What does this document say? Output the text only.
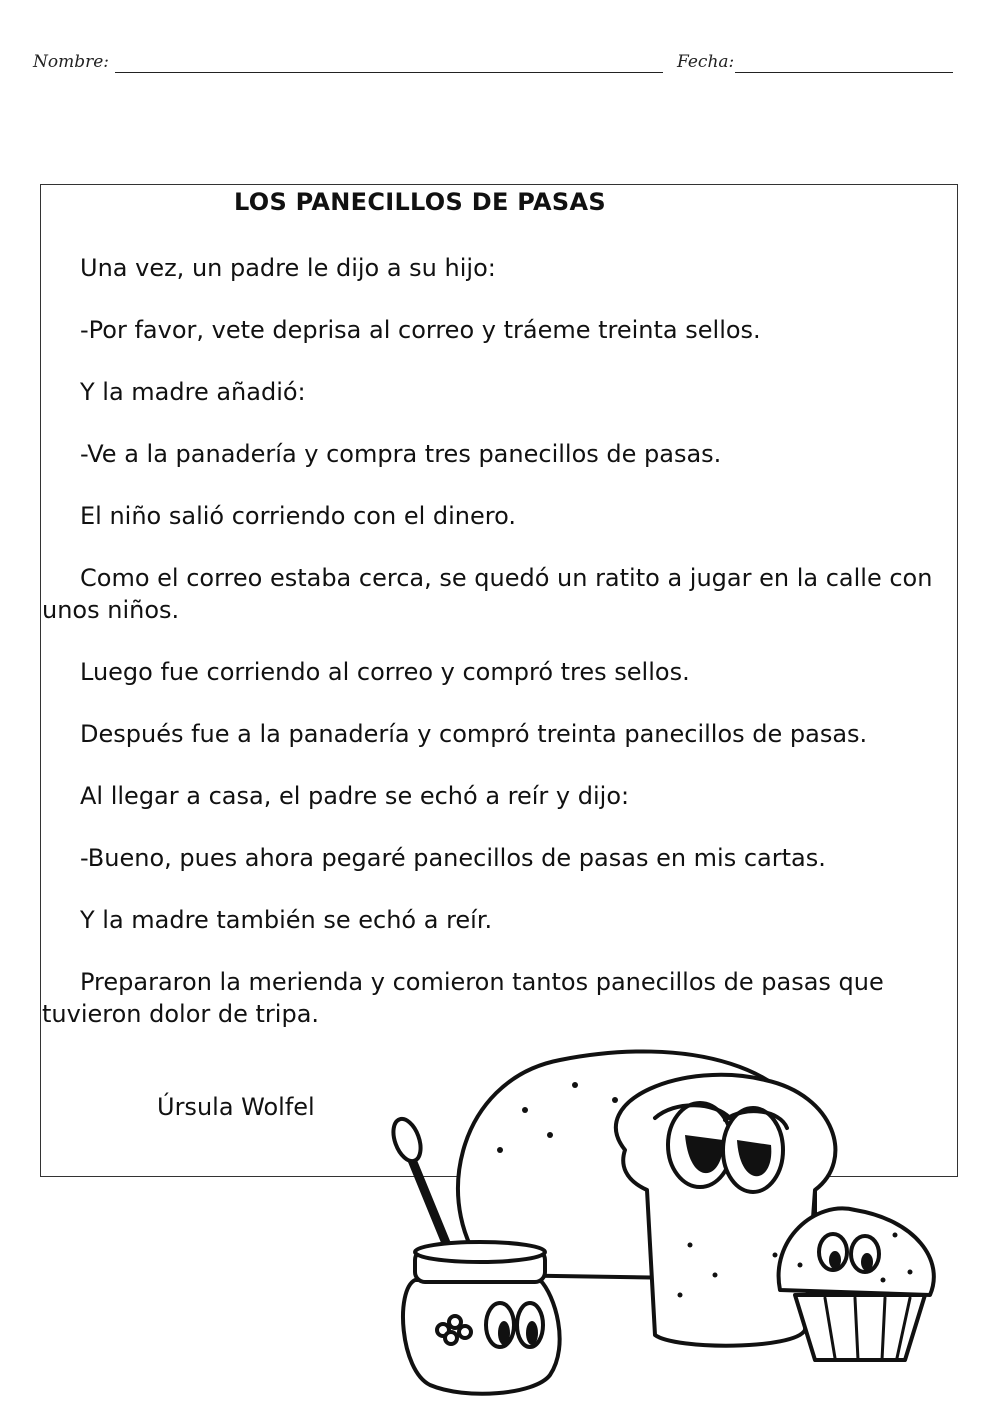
Nombre:	Fecha:
LOS PANECILLOS DE PASAS

Una vez, un padre le dijo a su hijo:

-Por favor, vete deprisa al correo y tráeme treinta sellos.

Y la madre añadió:

-Ve a la panadería y compra tres panecillos de pasas.

El niño salió corriendo con el dinero.

Como el correo estaba cerca, se quedó un ratito a jugar en la calle con unos niños.

Luego fue corriendo al correo y compró tres sellos.

Después fue a la panadería y compró treinta panecillos de pasas.

Al llegar a casa, el padre se echó a reír y dijo:

-Bueno, pues ahora pegaré panecillos de pasas en mis cartas.

Y la madre también se echó a reír.

Prepararon la merienda y comieron tantos panecillos de pasas que tuvieron dolor de tripa.

Úrsula Wolfel
